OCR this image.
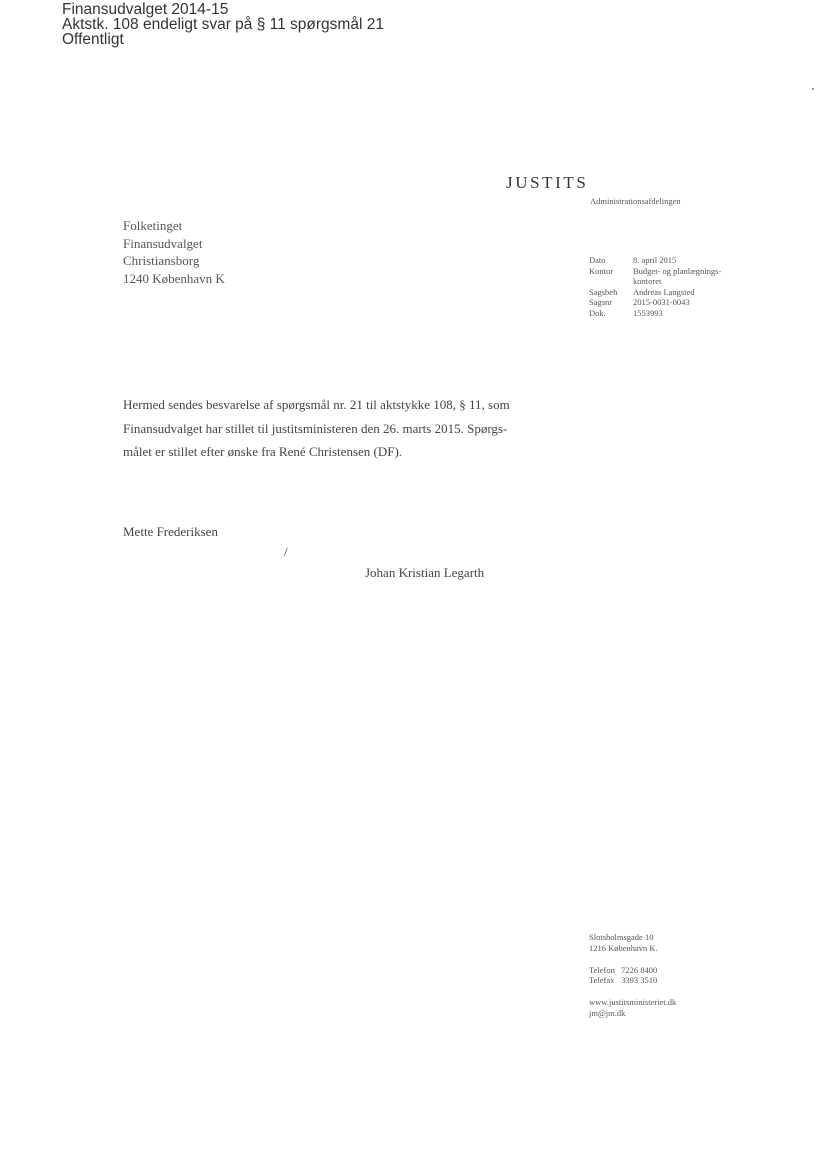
Finansudvalget 2014-15
Aktstk. 108 endeligt svar på § 11 spørgsmål 21
Offentligt
JUSTITS
Administrationsafdelingen
Folketinget
Finansudvalget
Christiansborg
1240 København K
Dato	8. april 2015
Kontor	Budget- og planlægnings-
	kontoret
Sagsbeh	Andreas Langsted
Sagsnr	2015-0031-0043
Dok.	1553993
Hermed sendes besvarelse af spørgsmål nr. 21 til aktstykke 108, § 11, som
Finansudvalget har stillet til justitsministeren den 26. marts 2015. Spørgs-
målet er stillet efter ønske fra René Christensen (DF).
Mette Frederiksen
/
Johan Kristian Legarth
Slotsholmsgade 10
1216 København K.
Telefon 7226 8400
Telefax 3393 3510
www.justitsministeriet.dk
jm@jm.dk
